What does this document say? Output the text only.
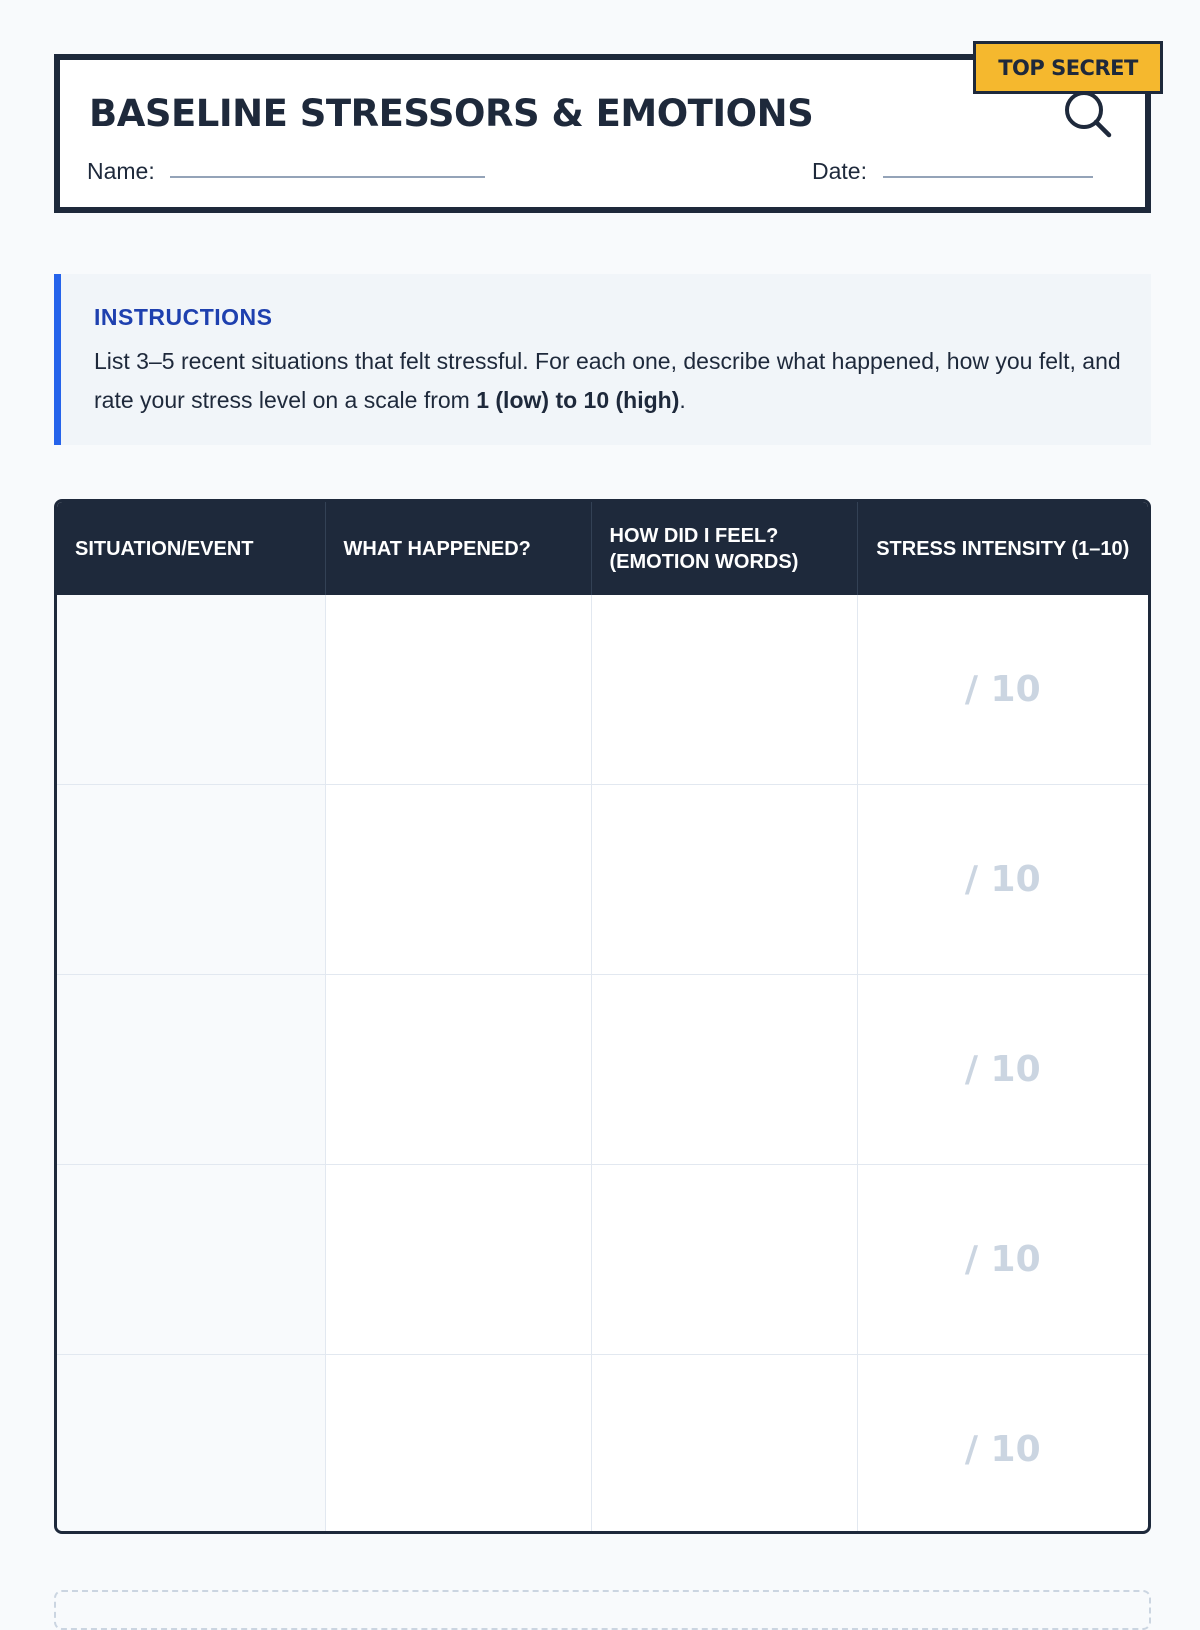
BASELINE STRESSORS & EMOTIONS
Name:	Date:
TOP SECRET
INSTRUCTIONS
List 3–5 recent situations that felt stressful. For each one, describe what happened, how you felt, and rate your stress level on a scale from 1 (low) to 10 (high).
SITUATION/EVENT	WHAT HAPPENED?	HOW DID I FEEL? (EMOTION WORDS)	STRESS INTENSITY (1–10)
			/ 10
			/ 10
			/ 10
			/ 10
			/ 10
